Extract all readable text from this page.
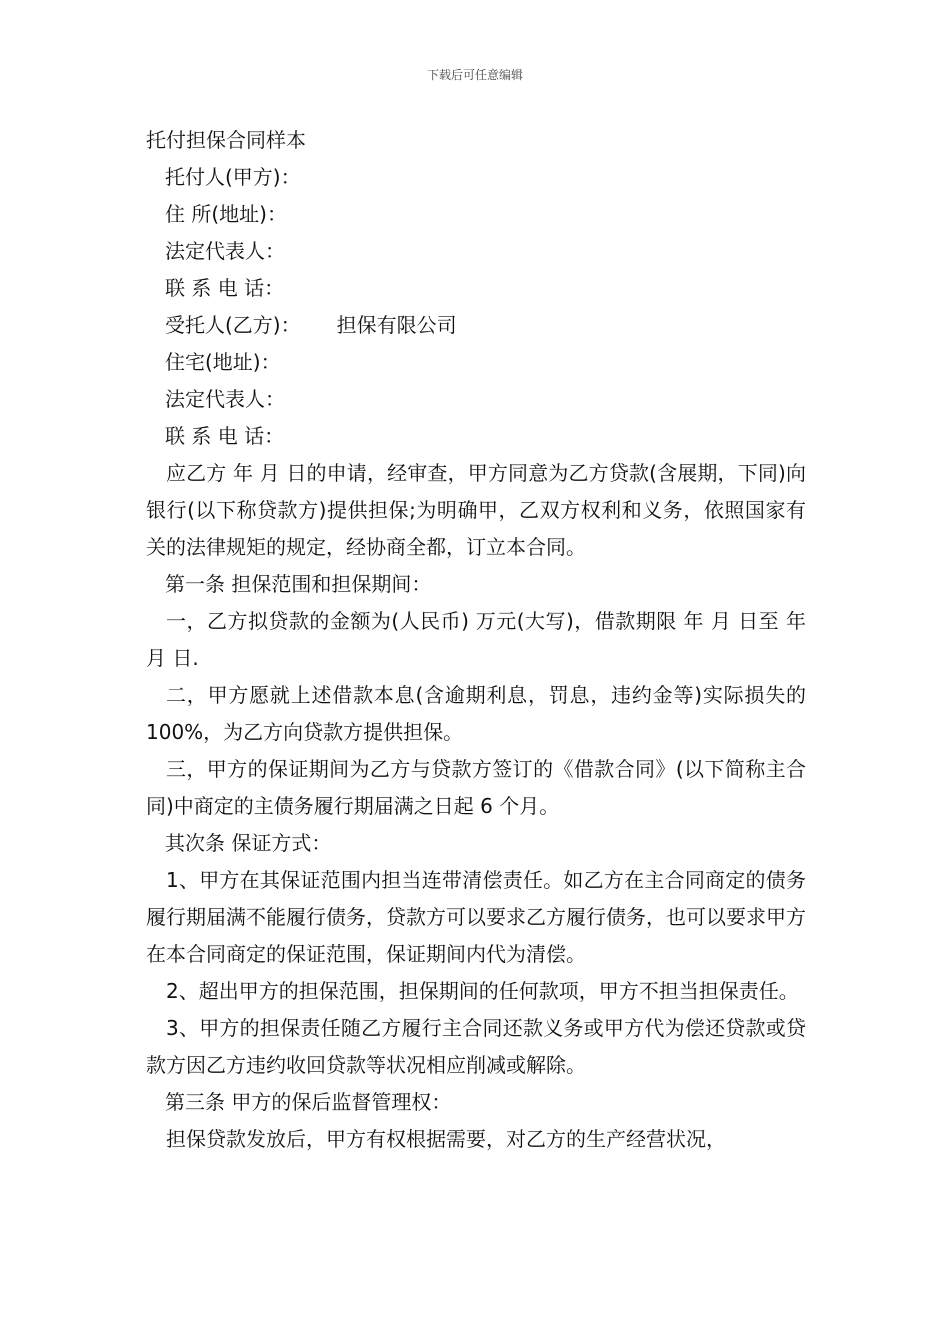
下载后可任意编辑

托付担保合同样本

托付人(甲方)：

住 所(地址)：

法定代表人：

联 系 电 话：

受托人(乙方)： 担保有限公司

住宅(地址)：

法定代表人：

联 系 电 话：

应乙方 年 月 日的申请，经审查，甲方同意为乙方贷款(含展期，下同)向　银行(以下称贷款方)提供担保;为明确甲，乙双方权利和义务，依照国家有关的法律规矩的规定，经协商全都，订立本合同。

第一条 担保范围和担保期间：

一，乙方拟贷款的金额为(人民币) 万元(大写)，借款期限 年 月 日至 年 月 日.

二，甲方愿就上述借款本息(含逾期利息，罚息，违约金等)实际损失的 100%，为乙方向贷款方提供担保。

三，甲方的保证期间为乙方与贷款方签订的《借款合同》(以下简称主合同)中商定的主债务履行期届满之日起 6 个月。

其次条 保证方式：

1、甲方在其保证范围内担当连带清偿责任。如乙方在主合同商定的债务履行期届满不能履行债务，贷款方可以要求乙方履行债务，也可以要求甲方在本合同商定的保证范围，保证期间内代为清偿。

2、超出甲方的担保范围，担保期间的任何款项，甲方不担当担保责任。

3、甲方的担保责任随乙方履行主合同还款义务或甲方代为偿还贷款或贷款方因乙方违约收回贷款等状况相应削减或解除。

第三条 甲方的保后监督管理权：

担保贷款发放后，甲方有权根据需要，对乙方的生产经营状况，
